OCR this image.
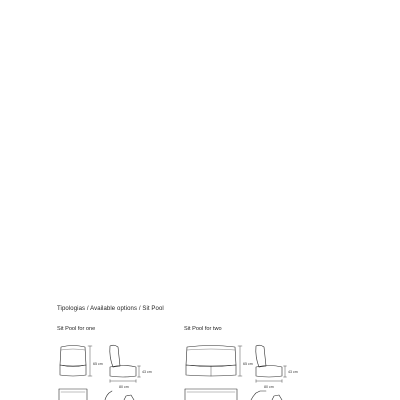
Tipologias / Available options / Sit Pool
Sit Pool for one	Sit Pool for two
65 cm
43 cm
80 cm
65 cm
43 cm
80 cm
